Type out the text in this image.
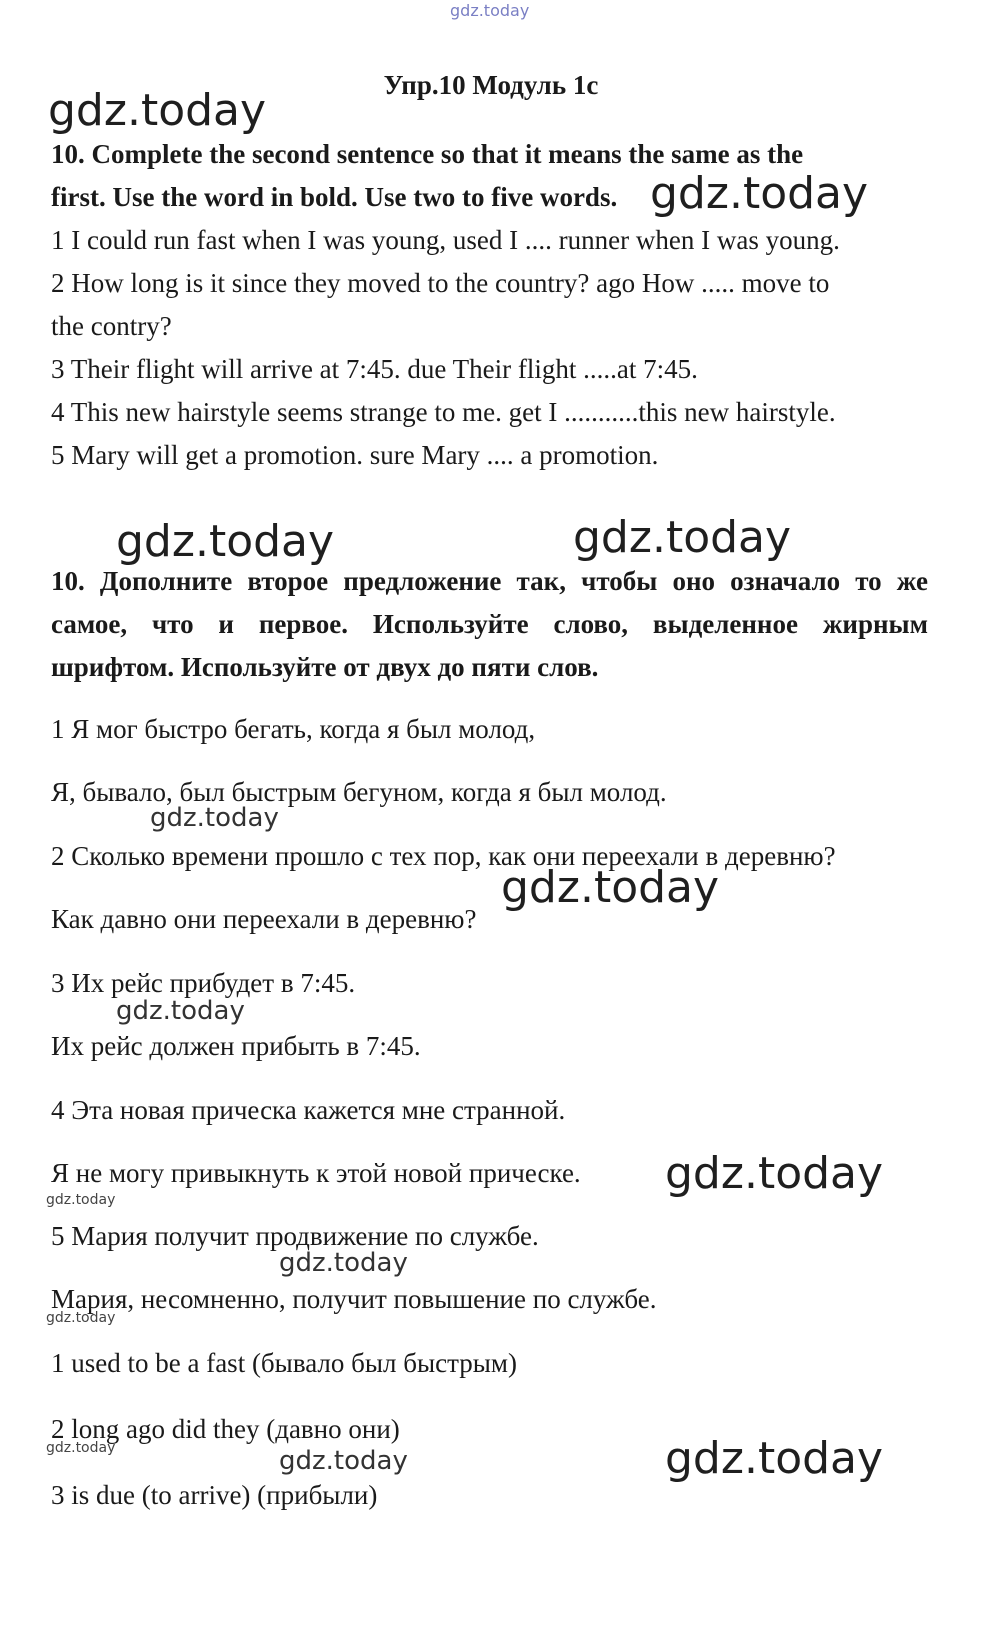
gdz.today
Упр.10 Модуль 1с
10. Complete the second sentence so that it means the same as the
first. Use the word in bold. Use two to five words.
1 I could run fast when I was young, used I .... runner when I was young.
2 How long is it since they moved to the country? ago How ..... move to
the contry?
3 Their flight will arrive at 7:45. due Their flight .....at 7:45.
4 This new hairstyle seems strange to me. get I ...........this new hairstyle.
5 Mary will get a promotion. sure Mary .... a promotion.
10. Дополните второе предложение так, чтобы оно означало то же
самое, что и первое. Используйте слово, выделенное жирным
шрифтом. Используйте от двух до пяти слов.
1 Я мог быстро бегать, когда я был молод,
Я, бывало, был быстрым бегуном, когда я был молод.
2 Сколько времени прошло с тех пор, как они переехали в деревню?
Как давно они переехали в деревню?
3 Их рейс прибудет в 7:45.
Их рейс должен прибыть в 7:45.
4 Эта новая прическа кажется мне странной.
Я не могу привыкнуть к этой новой прическе.
5 Мария получит продвижение по службе.
Мария, несомненно, получит повышение по службе.
1 used to be a fast (бывало был быстрым)
2 long ago did they (давно они)
3 is due (to arrive) (прибыли)
gdz.today
gdz.today
gdz.today	gdz.today
gdz.today
gdz.today
gdz.today
gdz.today
gdz.today
gdz.today
gdz.today
gdz.today	gdz.today	gdz.today
